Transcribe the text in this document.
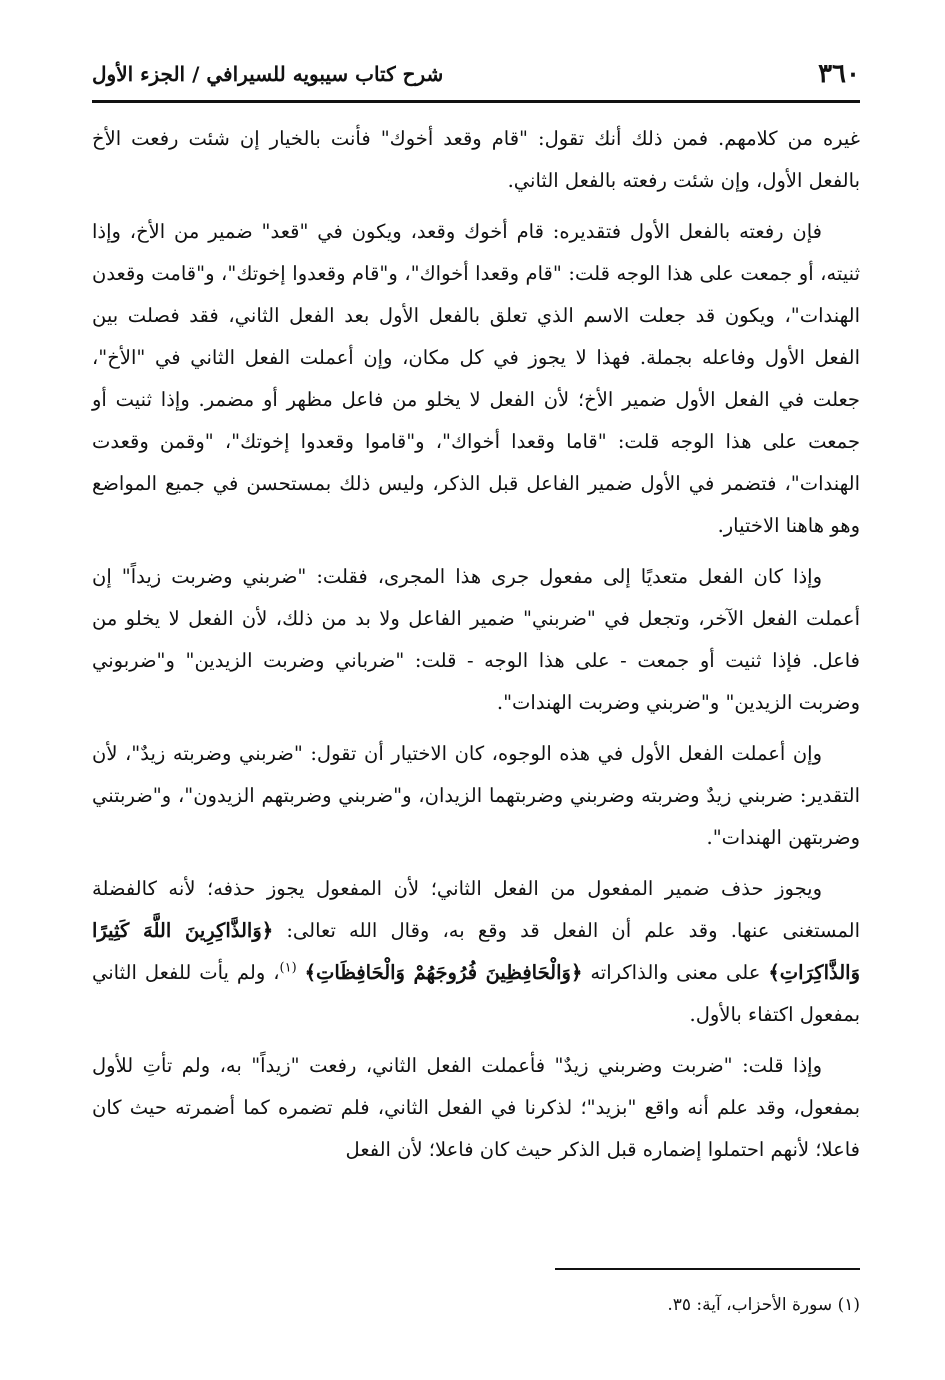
٣٦٠
شرح كتاب سيبويه للسيرافي / الجزء الأول

غيره من كلامهم. فمن ذلك أنك تقول: "قام وقعد أخوك" فأنت بالخيار إن شئت رفعت الأخ بالفعل الأول، وإن شئت رفعته بالفعل الثاني.

فإن رفعته بالفعل الأول فتقديره: قام أخوك وقعد، ويكون في "قعد" ضمير من الأخ، وإذا ثنيته، أو جمعت على هذا الوجه قلت: "قام وقعدا أخواك"، و"قام وقعدوا إخوتك"، و"قامت وقعدن الهندات"، ويكون قد جعلت الاسم الذي تعلق بالفعل الأول بعد الفعل الثاني، فقد فصلت بين الفعل الأول وفاعله بجملة. فهذا لا يجوز في كل مكان، وإن أعملت الفعل الثاني في "الأخ"، جعلت في الفعل الأول ضمير الأخ؛ لأن الفعل لا يخلو من فاعل مظهر أو مضمر. وإذا ثنيت أو جمعت على هذا الوجه قلت: "قاما وقعدا أخواك"، و"قاموا وقعدوا إخوتك"، "وقمن وقعدت الهندات"، فتضمر في الأول ضمير الفاعل قبل الذكر، وليس ذلك بمستحسن في جميع المواضع وهو هاهنا الاختيار.

وإذا كان الفعل متعديًا إلى مفعول جرى هذا المجرى، فقلت: "ضربني وضربت زيداً" إن أعملت الفعل الآخر، وتجعل في "ضربني" ضمير الفاعل ولا بد من ذلك، لأن الفعل لا يخلو من فاعل. فإذا ثنيت أو جمعت - على هذا الوجه - قلت: "ضرباني وضربت الزيدين" و"ضربوني وضربت الزيدين" و"ضربني وضربت الهندات".

وإن أعملت الفعل الأول في هذه الوجوه، كان الاختيار أن تقول: "ضربني وضربته زيدٌ"، لأن التقدير: ضربني زيدٌ وضربته وضربني وضربتهما الزيدان، و"ضربني وضربتهم الزيدون"، و"ضربتني وضربتهن الهندات".

ويجوز حذف ضمير المفعول من الفعل الثاني؛ لأن المفعول يجوز حذفه؛ لأنه كالفضلة المستغنى عنها. وقد علم أن الفعل قد وقع به، وقال الله تعالى: ﴿وَالذَّاكِرِينَ اللَّهَ كَثِيرًا وَالذَّاكِرَاتِ﴾ على معنى والذاكراته ﴿وَالْحَافِظِينَ فُرُوجَهُمْ وَالْحَافِظَاتِ﴾ $^{(١)}$، ولم يأت للفعل الثاني بمفعول اكتفاء بالأول.

وإذا قلت: "ضربت وضربني زيدٌ" فأعملت الفعل الثاني، رفعت "زيداً" به، ولم تأتِ للأول بمفعول، وقد علم أنه واقع "بزيد"؛ لذكرنا في الفعل الثاني، فلم تضمره كما أضمرته حيث كان فاعلا؛ لأنهم احتملوا إضماره قبل الذكر حيث كان فاعلا؛ لأن الفعل

(١) سورة الأحزاب، آية: ٣٥.
